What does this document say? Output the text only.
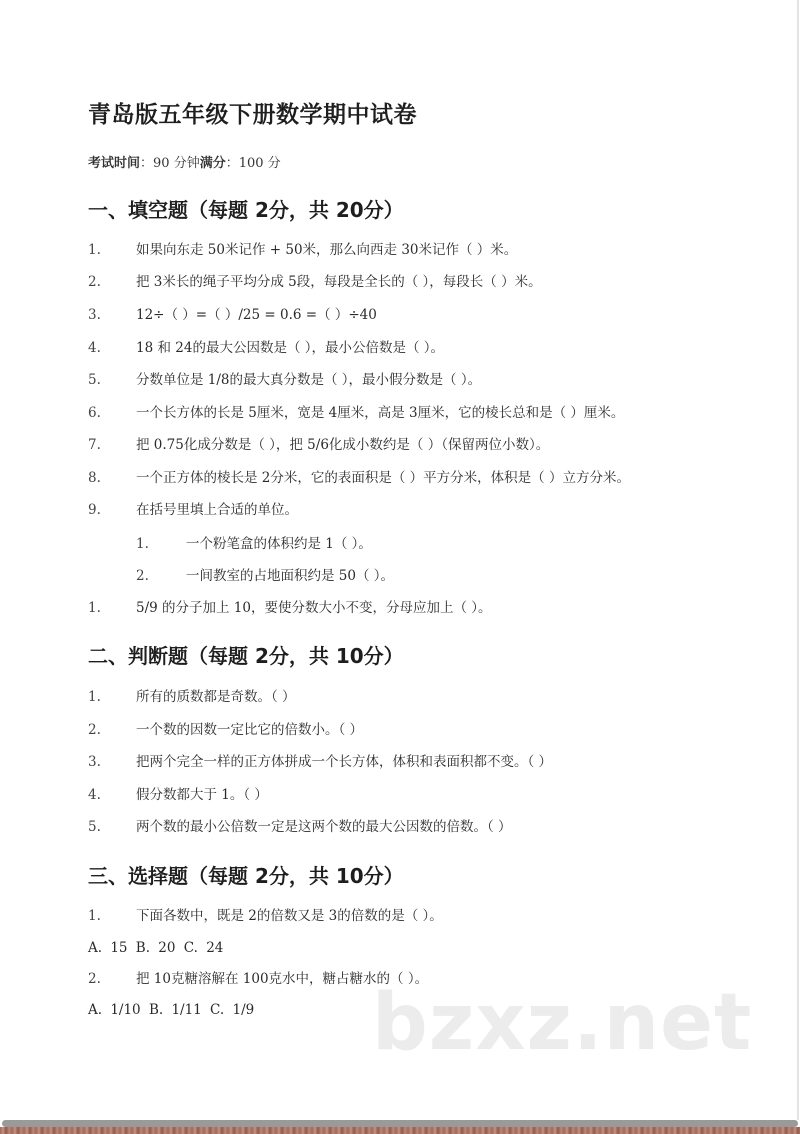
青岛版五年级下册数学期中试卷
考试时间：90 分钟满分：100 分
一、填空题（每题 2分，共 20分）
1.	如果向东走 50米记作 + 50米，那么向西走 30米记作（ ）米。
2.	把 3米长的绳子平均分成 5段，每段是全长的（ ），每段长（ ）米。
3.	12÷（ ）=（ ）/25 = 0.6 =（ ）÷40
4.	18 和 24的最大公因数是（ ），最小公倍数是（ ）。
5.	分数单位是 1/8的最大真分数是（ ），最小假分数是（ ）。
6.	一个长方体的长是 5厘米，宽是 4厘米，高是 3厘米，它的棱长总和是（ ）厘米。
7.	把 0.75化成分数是（ ），把 5/6化成小数约是（ ）（保留两位小数）。
8.	一个正方体的棱长是 2分米，它的表面积是（ ）平方分米，体积是（ ）立方分米。
9.	在括号里填上合适的单位。
1.	一个粉笔盒的体积约是 1（ ）。
2.	一间教室的占地面积约是 50（ ）。
1.	5/9 的分子加上 10，要使分数大小不变，分母应加上（ ）。
二、判断题（每题 2分，共 10分）
1.	所有的质数都是奇数。（ ）
2.	一个数的因数一定比它的倍数小。（ ）
3.	把两个完全一样的正方体拼成一个长方体，体积和表面积都不变。（ ）
4.	假分数都大于 1。（ ）
5.	两个数的最小公倍数一定是这两个数的最大公因数的倍数。（ ）
三、选择题（每题 2分，共 10分）
1.	下面各数中，既是 2的倍数又是 3的倍数的是（ ）。
A. 15 B. 20 C. 24
2.	把 10克糖溶解在 100克水中，糖占糖水的（ ）。
A. 1/10 B. 1/11 C. 1/9 bzxz.net
